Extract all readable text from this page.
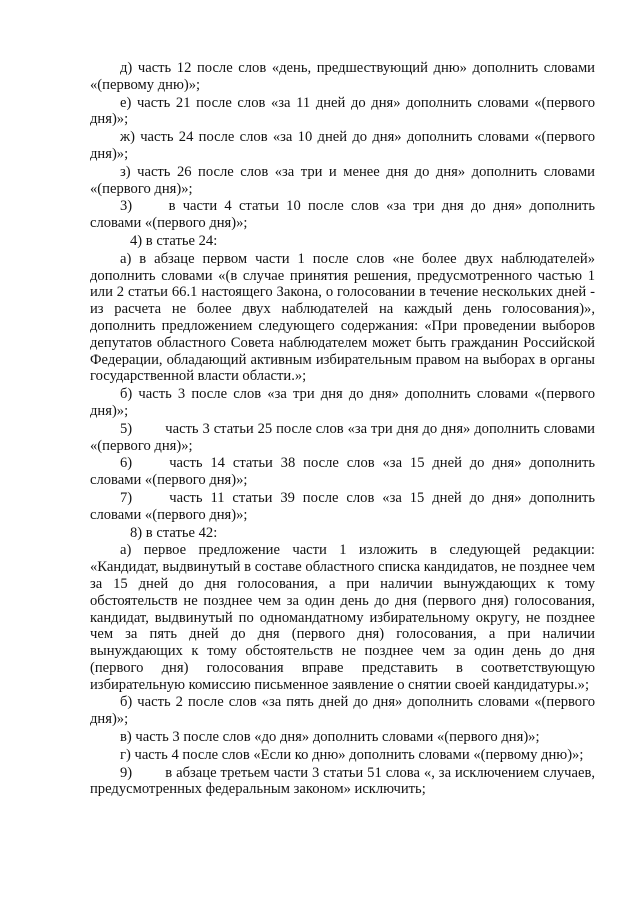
д) часть 12 после слов «день, предшествующий дню» дополнить словами «(первому дню)»;

е) часть 21 после слов «за 11 дней до дня» дополнить словами «(первого дня)»;

ж) часть 24 после слов «за 10 дней до дня» дополнить словами «(первого дня)»;

з) часть 26 после слов «за три и менее дня до дня» дополнить словами «(первого дня)»;

3)   в части 4 статьи 10 после слов «за три дня до дня» дополнить словами «(первого дня)»;

4) в статье 24:

а) в абзаце первом части 1 после слов «не более двух наблюдателей» дополнить словами «(в случае принятия решения, предусмотренного частью 1 или 2 статьи 66.1 настоящего Закона, о голосовании в течение нескольких дней - из расчета не более двух наблюдателей на каждый день голосования)», дополнить предложением следующего содержания: «При проведении выборов депутатов областного Совета наблюдателем может быть гражданин Российской Федерации, обладающий активным избирательным правом на выборах в органы государственной власти области.»;

б) часть 3 после слов «за три дня до дня» дополнить словами «(первого дня)»;

5)   часть 3 статьи 25 после слов «за три дня до дня» дополнить словами «(первого дня)»;

6)   часть 14 статьи 38 после слов «за 15 дней до дня» дополнить словами «(первого дня)»;

7)   часть 11 статьи 39 после слов «за 15 дней до дня» дополнить словами «(первого дня)»;

8) в статье 42:

а) первое предложение части 1 изложить в следующей редакции: «Кандидат, выдвинутый в составе областного списка кандидатов, не позднее чем за 15 дней до дня голосования, а при наличии вынуждающих к тому обстоятельств не позднее чем за один день до дня (первого дня) голосования, кандидат, выдвинутый по одномандатному избирательному округу, не позднее чем за пять дней до дня (первого дня) голосования, а при наличии вынуждающих к тому обстоятельств не позднее чем за один день до дня (первого дня) голосования вправе представить в соответствующую избирательную комиссию письменное заявление о снятии своей кандидатуры.»;

б) часть 2 после слов «за пять дней до дня» дополнить словами «(первого дня)»;

в) часть 3 после слов «до дня» дополнить словами «(первого дня)»;

г) часть 4 после слов «Если ко дню» дополнить словами «(первому дню)»;

9)   в абзаце третьем части 3 статьи 51 слова «, за исключением случаев, предусмотренных федеральным законом» исключить;
